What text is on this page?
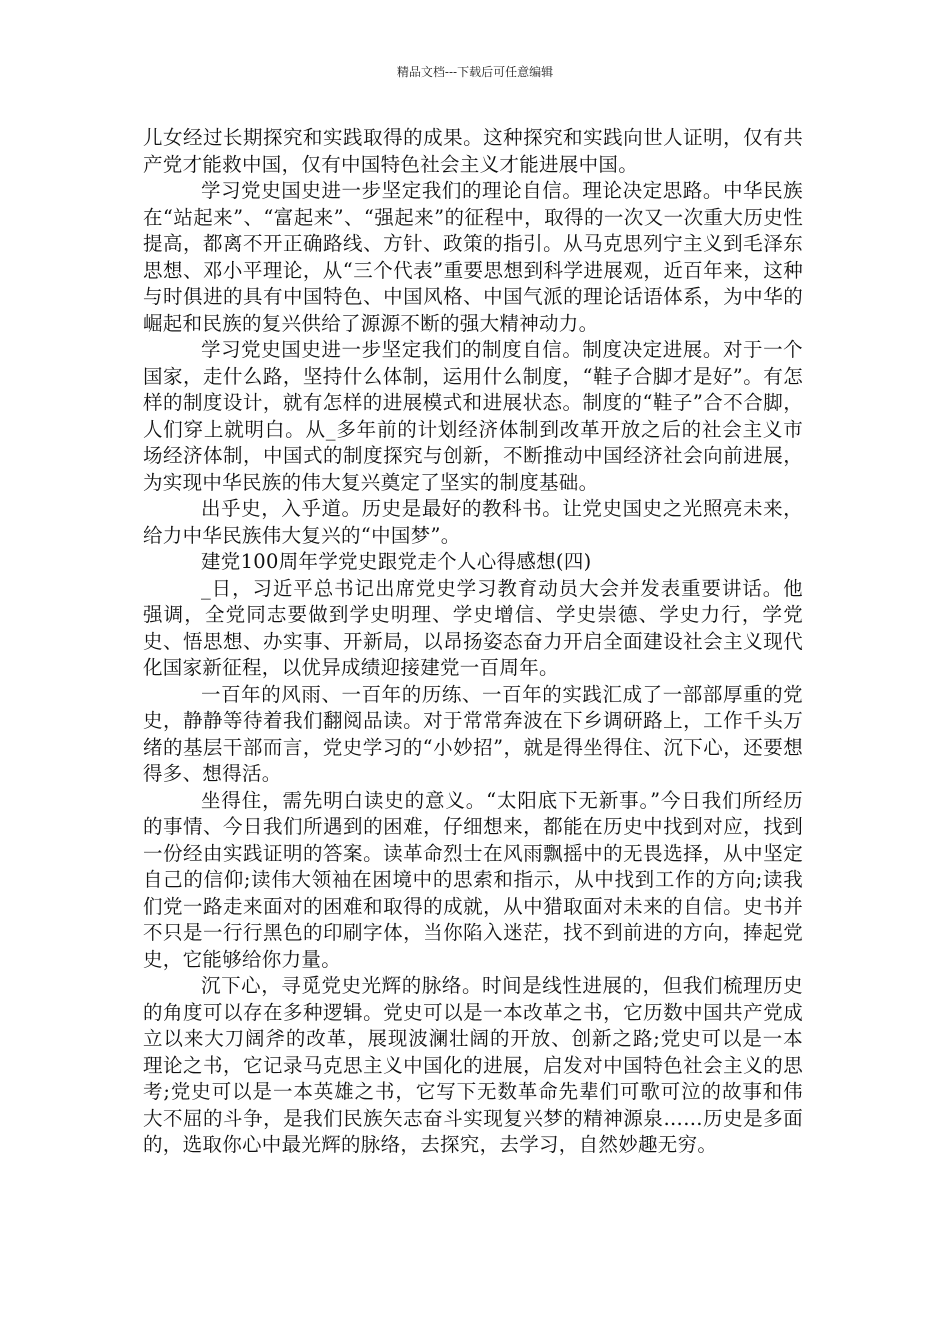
精品文档---下载后可任意编辑

儿女经过长期探究和实践取得的成果。这种探究和实践向世人证明，仅有共产党才能救中国，仅有中国特色社会主义才能进展中国。

学习党史国史进一步坚定我们的理论自信。理论决定思路。中华民族在“站起来”、“富起来”、“强起来”的征程中，取得的一次又一次重大历史性提高，都离不开正确路线、方针、政策的指引。从马克思列宁主义到毛泽东思想、邓小平理论，从“三个代表”重要思想到科学进展观，近百年来，这种与时俱进的具有中国特色、中国风格、中国气派的理论话语体系，为中华的崛起和民族的复兴供给了源源不断的强大精神动力。

学习党史国史进一步坚定我们的制度自信。制度决定进展。对于一个国家，走什么路，坚持什么体制，运用什么制度，“鞋子合脚才是好”。有怎样的制度设计，就有怎样的进展模式和进展状态。制度的“鞋子”合不合脚，人们穿上就明白。从_多年前的计划经济体制到改革开放之后的社会主义市场经济体制，中国式的制度探究与创新，不断推动中国经济社会向前进展，为实现中华民族的伟大复兴奠定了坚实的制度基础。

出乎史，入乎道。历史是最好的教科书。让党史国史之光照亮未来，给力中华民族伟大复兴的“中国梦”。

建党100周年学党史跟党走个人心得感想(四)

_日，习近平总书记出席党史学习教育动员大会并发表重要讲话。他强调，全党同志要做到学史明理、学史增信、学史崇德、学史力行，学党史、悟思想、办实事、开新局，以昂扬姿态奋力开启全面建设社会主义现代化国家新征程，以优异成绩迎接建党一百周年。

一百年的风雨、一百年的历练、一百年的实践汇成了一部部厚重的党史，静静等待着我们翻阅品读。对于常常奔波在下乡调研路上，工作千头万绪的基层干部而言，党史学习的“小妙招”，就是得坐得住、沉下心，还要想得多、想得活。

坐得住，需先明白读史的意义。“太阳底下无新事。”今日我们所经历的事情、今日我们所遇到的困难，仔细想来，都能在历史中找到对应，找到一份经由实践证明的答案。读革命烈士在风雨飘摇中的无畏选择，从中坚定自己的信仰;读伟大领袖在困境中的思索和指示，从中找到工作的方向;读我们党一路走来面对的困难和取得的成就，从中猎取面对未来的自信。史书并不只是一行行黑色的印刷字体，当你陷入迷茫，找不到前进的方向，捧起党史，它能够给你力量。

沉下心，寻觅党史光辉的脉络。时间是线性进展的，但我们梳理历史的角度可以存在多种逻辑。党史可以是一本改革之书，它历数中国共产党成立以来大刀阔斧的改革，展现波澜壮阔的开放、创新之路;党史可以是一本理论之书，它记录马克思主义中国化的进展，启发对中国特色社会主义的思考;党史可以是一本英雄之书，它写下无数革命先辈们可歌可泣的故事和伟大不屈的斗争，是我们民族矢志奋斗实现复兴梦的精神源泉……历史是多面的，选取你心中最光辉的脉络，去探究，去学习，自然妙趣无穷。
